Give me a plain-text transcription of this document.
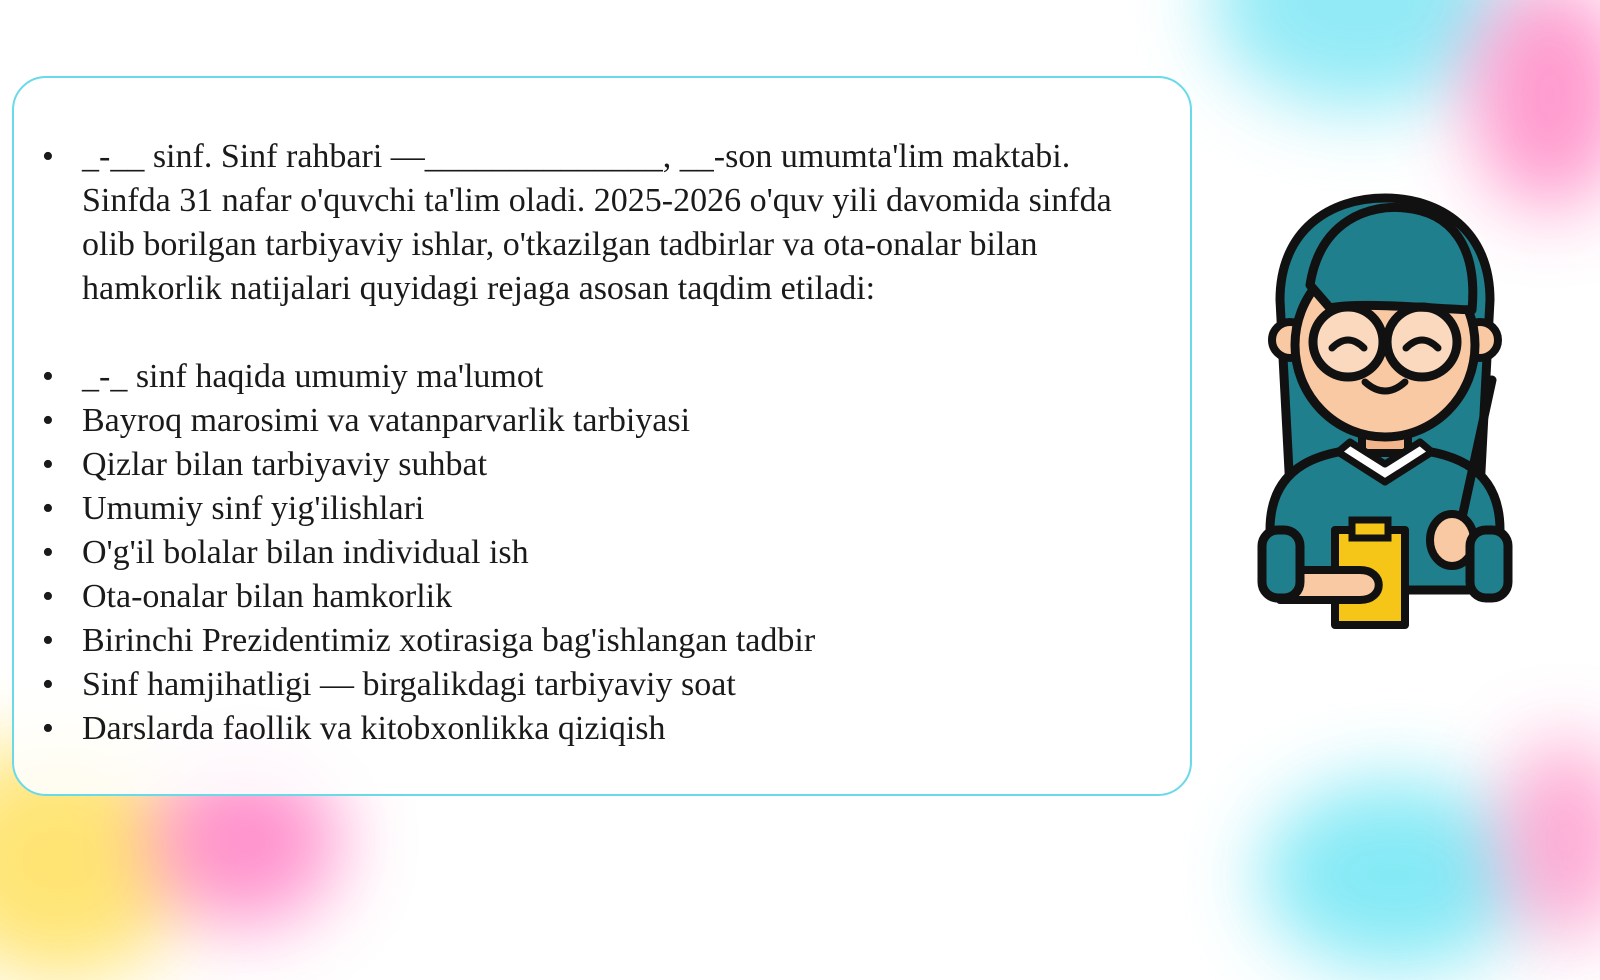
• _-__ sinf. Sinf rahbari —______________, __-son umumta'lim maktabi. Sinfda 31 nafar o'quvchi ta'lim oladi. 2025-2026 o'quv yili davomida sinfda olib borilgan tarbiyaviy ishlar, o'tkazilgan tadbirlar va ota-onalar bilan hamkorlik natijalari quyidagi rejaga asosan taqdim etiladi:
• _-_ sinf haqida umumiy ma'lumot
• Bayroq marosimi va vatanparvarlik tarbiyasi
• Qizlar bilan tarbiyaviy suhbat
• Umumiy sinf yig'ilishlari
• O'g'il bolalar bilan individual ish
• Ota-onalar bilan hamkorlik
• Birinchi Prezidentimiz xotirasiga bag'ishlangan tadbir
• Sinf hamjihatligi — birgalikdagi tarbiyaviy soat
• Darslarda faollik va kitobxonlikka qiziqish
